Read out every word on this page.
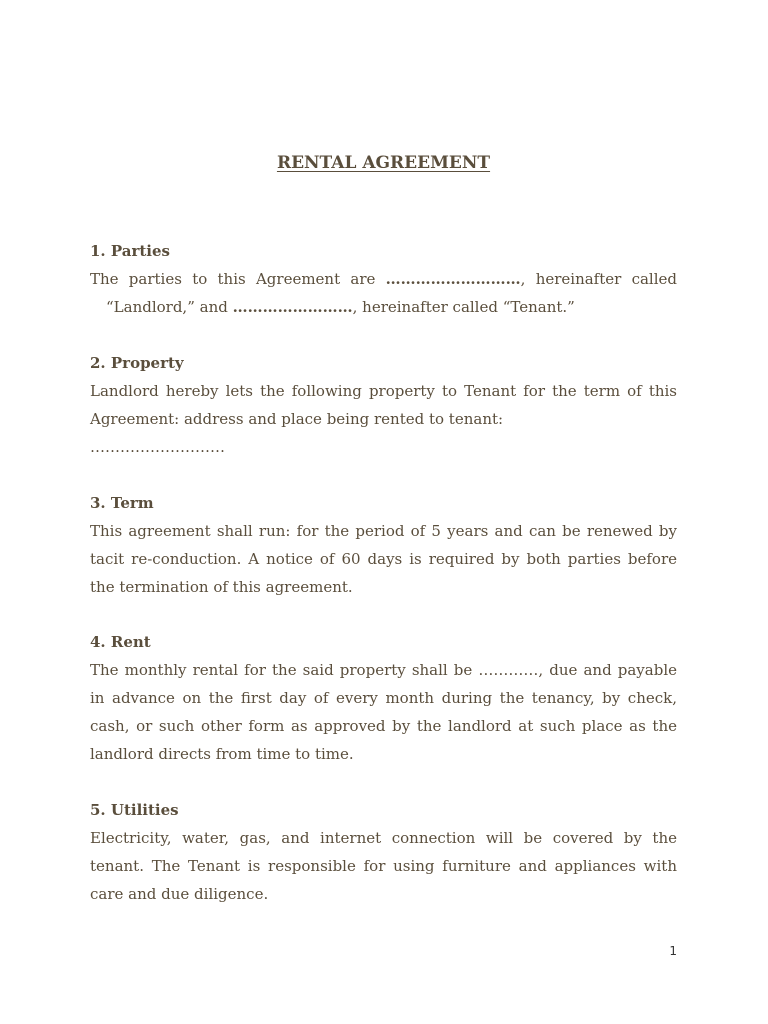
RENTAL AGREEMENT

1. Parties

The parties to this Agreement are ………………………, hereinafter called
“Landlord,” and ……………………, hereinafter called “Tenant.”

2. Property

Landlord hereby lets the following property to Tenant for the term of this
Agreement: address and place being rented to tenant:
………………………

3. Term

This agreement shall run: for the period of 5 years and can be renewed by
tacit re-conduction. A notice of 60 days is required by both parties before
the termination of this agreement.

4. Rent

The monthly rental for the said property shall be …………, due and payable
in advance on the first day of every month during the tenancy, by check,
cash, or such other form as approved by the landlord at such place as the
landlord directs from time to time.

5. Utilities

Electricity, water, gas, and internet connection will be covered by the
tenant. The Tenant is responsible for using furniture and appliances with
care and due diligence.

1
